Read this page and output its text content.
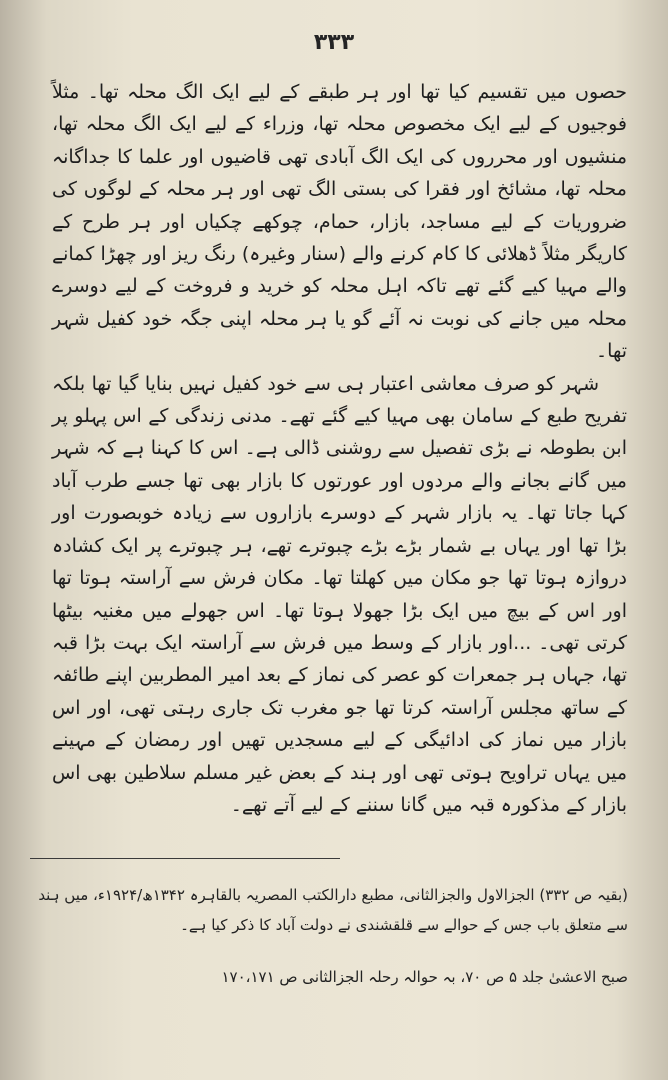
٣٣٣

حصوں میں تقسیم کیا تھا اور ہر طبقے کے لیے ایک الگ محلہ تھا۔ مثلاً فوجیوں کے لیے ایک مخصوص محلہ تھا، وزراء کے لیے ایک الگ محلہ تھا، منشیوں اور محرروں کی ایک الگ آبادی تھی قاضیوں اور علما کا جداگانہ محلہ تھا، مشائخ اور فقرا کی بستی الگ تھی اور ہر محلہ کے لوگوں کی ضروریات کے لیے مساجد، بازار، حمام، چوکھے چکیاں اور ہر طرح کے کاریگر مثلاً ڈھلائی کا کام کرنے والے (سنار وغیرہ) رنگ ریز اور چھڑا کمانے والے مہیا کیے گئے تھے تاکہ اہل محلہ کو خرید و فروخت کے لیے دوسرے محلہ میں جانے کی نوبت نہ آئے گو یا ہر محلہ اپنی جگہ خود کفیل شہر تھا۔

شہر کو صرف معاشی اعتبار ہی سے خود کفیل نہیں بنایا گیا تھا بلکہ تفریح طبع کے سامان بھی مہیا کیے گئے تھے۔ مدنی زندگی کے اس پہلو پر ابن بطوطہ نے بڑی تفصیل سے روشنی ڈالی ہے۔ اس کا کہنا ہے کہ شہر میں گانے بجانے والے مردوں اور عورتوں کا بازار بھی تھا جسے طرب آباد کہا جاتا تھا۔ یہ بازار شہر کے دوسرے بازاروں سے زیادہ خوبصورت اور بڑا تھا اور یہاں بے شمار بڑے بڑے چبوترے تھے، ہر چبوترے پر ایک کشادہ دروازہ ہوتا تھا جو مکان میں کھلتا تھا۔ مکان فرش سے آراستہ ہوتا تھا اور اس کے بیچ میں ایک بڑا جھولا ہوتا تھا۔ اس جھولے میں مغنیہ بیٹھا کرتی تھی۔ ...اور بازار کے وسط میں فرش سے آراستہ ایک بہت بڑا قبہ تھا، جہاں ہر جمعرات کو عصر کی نماز کے بعد امیر المطربین اپنے طائفہ کے ساتھ مجلس آراستہ کرتا تھا جو مغرب تک جاری رہتی تھی، اور اس بازار میں نماز کی ادائیگی کے لیے مسجدیں تھیں اور رمضان کے مہینے میں یہاں تراویح ہوتی تھی اور ہند کے بعض غیر مسلم سلاطین بھی اس بازار کے مذکورہ قبہ میں گانا سننے کے لیے آتے تھے۔

(بقیہ ص ۳۳۲) الجزالاول والجزالثانی، مطبع دارالکتب المصریہ بالقاہرہ ۱۳۴۲ھ/۱۹۲۴ء، میں ہند سے متعلق باب جس کے حوالے سے قلقشندی نے دولت آباد کا ذکر کیا ہے۔

صبح الاعشیٰ جلد ۵ ص ۷۰، بہ حوالہ رحلہ الجزالثانی ص ۱۷۰،۱۷۱
